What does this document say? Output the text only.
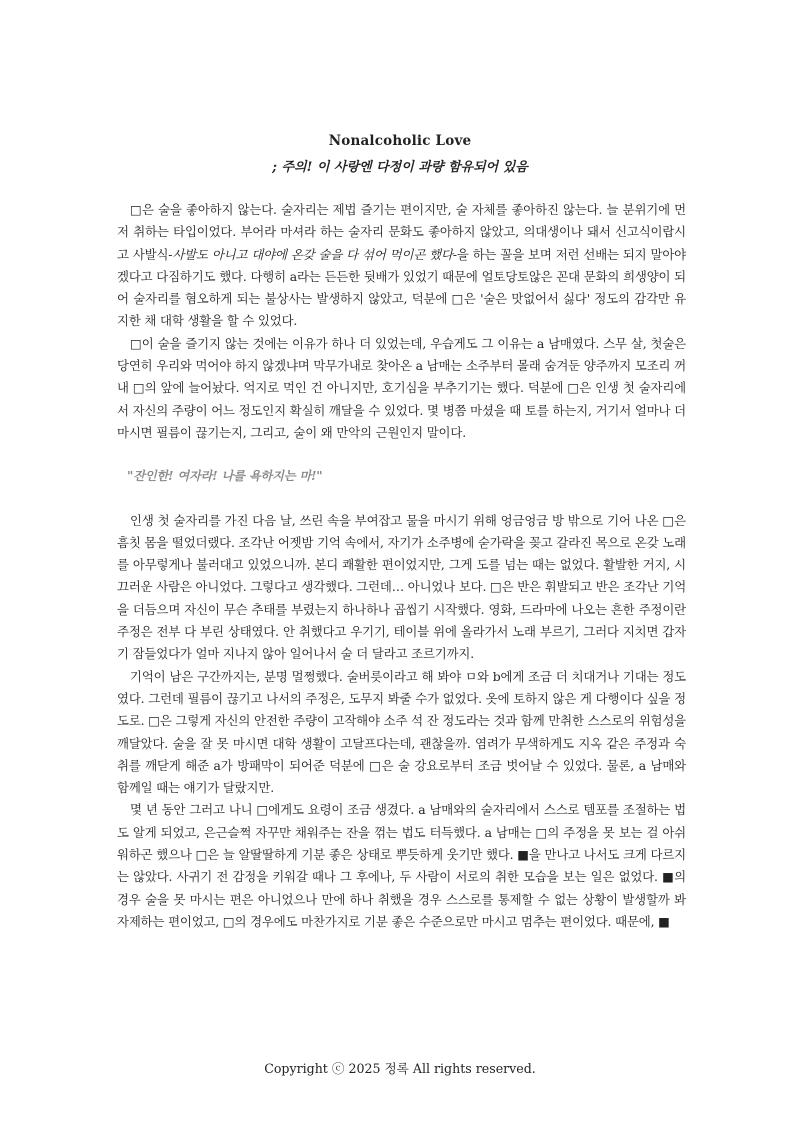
Nonalcoholic Love
; 주의! 이 사랑엔 다정이 과량 함유되어 있음

□은 술을 좋아하지 않는다. 술자리는 제법 즐기는 편이지만, 술 자체를 좋아하진 않는다. 늘 분위기에 먼저 취하는 타입이었다. 부어라 마셔라 하는 술자리 문화도 좋아하지 않았고, 의대생이나 돼서 신고식이랍시고 사발식-사발도 아니고 대야에 온갖 술을 다 섞어 먹이곤 했다-을 하는 꼴을 보며 저런 선배는 되지 말아야겠다고 다짐하기도 했다. 다행히 a라는 든든한 뒷배가 있었기 때문에 얼토당토않은 꼰대 문화의 희생양이 되어 술자리를 혐오하게 되는 불상사는 발생하지 않았고, 덕분에 □은 '술은 맛없어서 싫다' 정도의 감각만 유지한 채 대학 생활을 할 수 있었다.

□이 술을 즐기지 않는 것에는 이유가 하나 더 있었는데, 우습게도 그 이유는 a 남매였다. 스무 살, 첫술은 당연히 우리와 먹어야 하지 않겠냐며 막무가내로 찾아온 a 남매는 소주부터 몰래 숨겨둔 양주까지 모조리 꺼내 □의 앞에 늘어놨다. 억지로 먹인 건 아니지만, 호기심을 부추기기는 했다. 덕분에 □은 인생 첫 술자리에서 자신의 주량이 어느 정도인지 확실히 깨달을 수 있었다. 몇 병쯤 마셨을 때 토를 하는지, 거기서 얼마나 더 마시면 필름이 끊기는지, 그리고, 술이 왜 만악의 근원인지 말이다.

"잔인한! 여자라! 나를 욕하지는 마!"

인생 첫 술자리를 가진 다음 날, 쓰린 속을 부여잡고 물을 마시기 위해 엉금엉금 방 밖으로 기어 나온 □은 흠칫 몸을 떨었더랬다. 조각난 어젯밤 기억 속에서, 자기가 소주병에 숟가락을 꽂고 갈라진 목으로 온갖 노래를 아무렇게나 불러대고 있었으니까. 본디 쾌활한 편이었지만, 그게 도를 넘는 때는 없었다. 활발한 거지, 시끄러운 사람은 아니었다. 그렇다고 생각했다. 그런데… 아니었나 보다. □은 반은 휘발되고 반은 조각난 기억을 더듬으며 자신이 무슨 추태를 부렸는지 하나하나 곱씹기 시작했다. 영화, 드라마에 나오는 흔한 주정이란 주정은 전부 다 부린 상태였다. 안 취했다고 우기기, 테이블 위에 올라가서 노래 부르기, 그러다 지치면 갑자기 잠들었다가 얼마 지나지 않아 일어나서 술 더 달라고 조르기까지.

기억이 남은 구간까지는, 분명 멀쩡했다. 술버릇이라고 해 봐야 ㅁ와 b에게 조금 더 치대거나 기대는 정도였다. 그런데 필름이 끊기고 나서의 주정은, 도무지 봐줄 수가 없었다. 옷에 토하지 않은 게 다행이다 싶을 정도로. □은 그렇게 자신의 안전한 주량이 고작해야 소주 석 잔 정도라는 것과 함께 만취한 스스로의 위험성을 깨달았다. 술을 잘 못 마시면 대학 생활이 고달프다는데, 괜찮을까. 염려가 무색하게도 지옥 같은 주정과 숙취를 깨닫게 해준 a가 방패막이 되어준 덕분에 □은 술 강요로부터 조금 벗어날 수 있었다. 물론, a 남매와 함께일 때는 얘기가 달랐지만.

몇 년 동안 그러고 나니 □에게도 요령이 조금 생겼다. a 남매와의 술자리에서 스스로 템포를 조절하는 법도 알게 되었고, 은근슬쩍 자꾸만 채워주는 잔을 꺾는 법도 터득했다. a 남매는 □의 주정을 못 보는 걸 아쉬워하곤 했으나 □은 늘 알딸딸하게 기분 좋은 상태로 뿌듯하게 웃기만 했다. ■을 만나고 나서도 크게 다르지는 않았다. 사귀기 전 감정을 키워갈 때나 그 후에나, 두 사람이 서로의 취한 모습을 보는 일은 없었다. ■의 경우 술을 못 마시는 편은 아니었으나 만에 하나 취했을 경우 스스로를 통제할 수 없는 상황이 발생할까 봐 자제하는 편이었고, □의 경우에도 마찬가지로 기분 좋은 수준으로만 마시고 멈추는 편이었다. 때문에, ■

Copyright ⓒ 2025 정록 All rights reserved.
